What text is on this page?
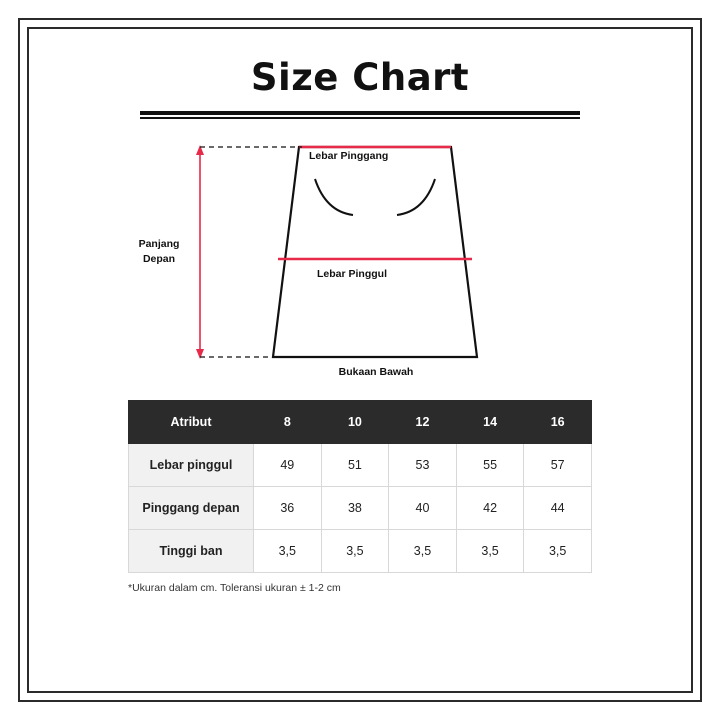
Size Chart
Lebar Pinggang
Lebar Pinggul
Panjang
Depan
Bukaan Bawah
Atribut	8	10	12	14	16
Lebar pinggul	49	51	53	55	57
Pinggang depan	36	38	40	42	44
Tinggi ban	3,5	3,5	3,5	3,5	3,5
*Ukuran dalam cm. Toleransi ukuran ± 1-2 cm
